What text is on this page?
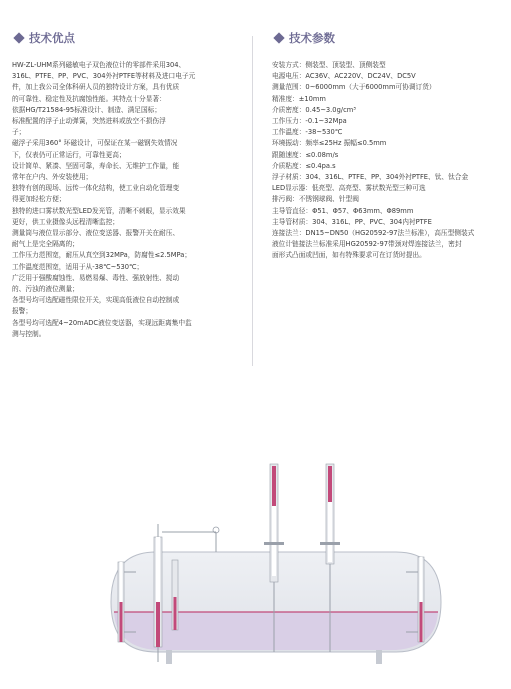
技术优点
HW-ZL-UHM系列磁敏电子双色液位计的零部件采用304、
316L、PTFE、PP、PVC、304外衬PTFE等材料及进口电子元
件，加上我公司全体科研人员的独特设计方案，具有优质
的可靠性、稳定性及抗腐蚀性能。其特点十分显著：
依据HG/T21584-95标准设计、制造、满足国标；
标准配置的浮子止动弹簧，突然进料或放空不损伤浮
子；
磁浮子采用360° 环磁设计，可保证在某一磁钢失效情况
下，仅表仍可正常运行，可靠性更高；
设计简单、紧凑、坚固可靠，寿命长、无维护工作量，能
常年在户内、外安装使用；
独特有创的现场、远传一体化结构，使工业自动化管理变
得更加轻松方便；
独特的进口雾状数光型LED发光管，清晰不刺眼，显示效果
更好，供工业摄像头远程清晰监控；
测量筒与液位显示部分、液位变送器、报警开关在耐压、
耐气上是完全隔离的；
工作压力范围宽，耐压从真空到32MPa，防腐性≤2.5MPa；
工作温度范围宽，适用于从-38℃~530℃；
广泛用于强酸腐蚀性、易燃易爆、毒性、强放射性、搅动
的、污浊的液位测量；
各型号均可选配磁性限位开关，实现高低液位自动控制或
报警；
各型号均可选配4~20mADC液位变送器，实现远距离集中监
测与控制。
技术参数
安装方式：侧装型、顶装型、顶侧装型
电源电压：AC36V、AC220V、DC24V、DC5V
测量范围：0~6000mm（大于6000mm可协调订货）
精准度：±10mm
介质密度：0.45~3.0g/cm³
工作压力：-0.1~32Mpa
工作温度：-38~530℃
环境振动：频率≤25Hz 振幅≤0.5mm
跟随速度：≤0.08m/s
介质粘度：≤0.4pa.s
浮子材质：304、316L、PTFE、PP、304外衬PTFE、钛、钛合金
LED显示器：低亮型、高亮型、雾状数光型三种可选
排污阀：不锈钢球阀、针型阀
主导管直径：Φ51、Φ57、Φ63mm、Φ89mm
主导管材质：304、316L、PP、PVC、304内衬PTFE
连接法兰：DN15~DN50（HG20592-97法兰标准），高压型侧装式
液位计链接法兰标准采用HG20592-97带颈对焊连接法兰，密封
面形式凸面或凹面，如有特殊要求可在订货时提出。
